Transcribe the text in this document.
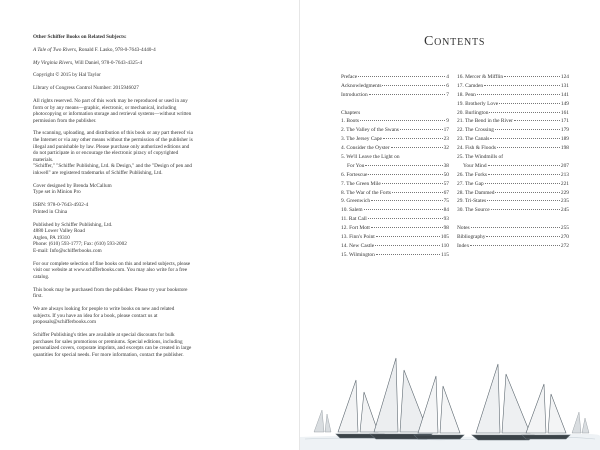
Other Schiffer Books on Related Subjects:

A Tale of Two Rivers, Ronald F. Lasko, 978-0-7643-4440-4

My Virginia Rivers, Will Daniel, 978-0-7643-4325-4

Copyright © 2015 by Hal Taylor

Library of Congress Control Number: 2015946027

All rights reserved. No part of this work may be reproduced or used in any form or by any means—graphic, electronic, or mechanical, including photocopying or information storage and retrieval systems—without written permission from the publisher.

The scanning, uploading, and distribution of this book or any part thereof via the Internet or via any other means without the permission of the publisher is illegal and punishable by law. Please purchase only authorized editions and do not participate in or encourage the electronic piracy of copyrighted materials.

"Schiffer," "Schiffer Publishing, Ltd. & Design," and the "Design of pen and inkwell" are registered trademarks of Schiffer Publishing, Ltd.

Cover designed by Brenda McCallum

Type set in Minion Pro

ISBN: 978-0-7643-4932-4

Printed in China

Published by Schiffer Publishing, Ltd.

4880 Lower Valley Road

Atglen, PA 19310

Phone: (610) 593-1777; Fax: (610) 593-2002

E-mail: Info@schifferbooks.com

For our complete selection of fine books on this and related subjects, please visit our website at www.schifferbooks.com. You may also write for a free catalog.

This book may be purchased from the publisher. Please try your bookstore first.

We are always looking for people to write books on new and related subjects. If you have an idea for a book, please contact us at proposals@schifferbooks.com

Schiffer Publishing's titles are available at special discounts for bulk purchases for sales promotions or premiums. Special editions, including personalized covers, corporate imprints, and excerpts can be created in large quantities for special needs. For more information, contact the publisher.

Contents
Preface	4
Acknowledgments	6
Introduction	7
Chapters
1. Boots	9
2. The Valley of the Swans	17
3. The Jersey Cape	23
4. Consider the Oyster	32
5. We'll Leave the Light on
For You	38
6. Fortescue	50
7. The Green Mile	57
8. The War of the Forts	67
9. Greenwich	75
10. Salem	84
11. Rat Call	93
12. Fort Mott	98
13. Finn's Point	105
14. New Castle	110
15. Wilmington	115
16. Mercer & Mifflin	124
17. Camden	131
18. Penn	141
19. Brotherly Love	149
20. Burlington	161
21. The Bend in the River	171
22. The Crossing	179
23. The Canals	189
24. Fish & Floods	198
25. The Windmills of
Your Mind	207
26. The Forks	213
27. The Gap	221
28. The Dammed	229
29. Tri-States	235
30. The Source	245
Notes	255
Bibliography	270
Index	272
